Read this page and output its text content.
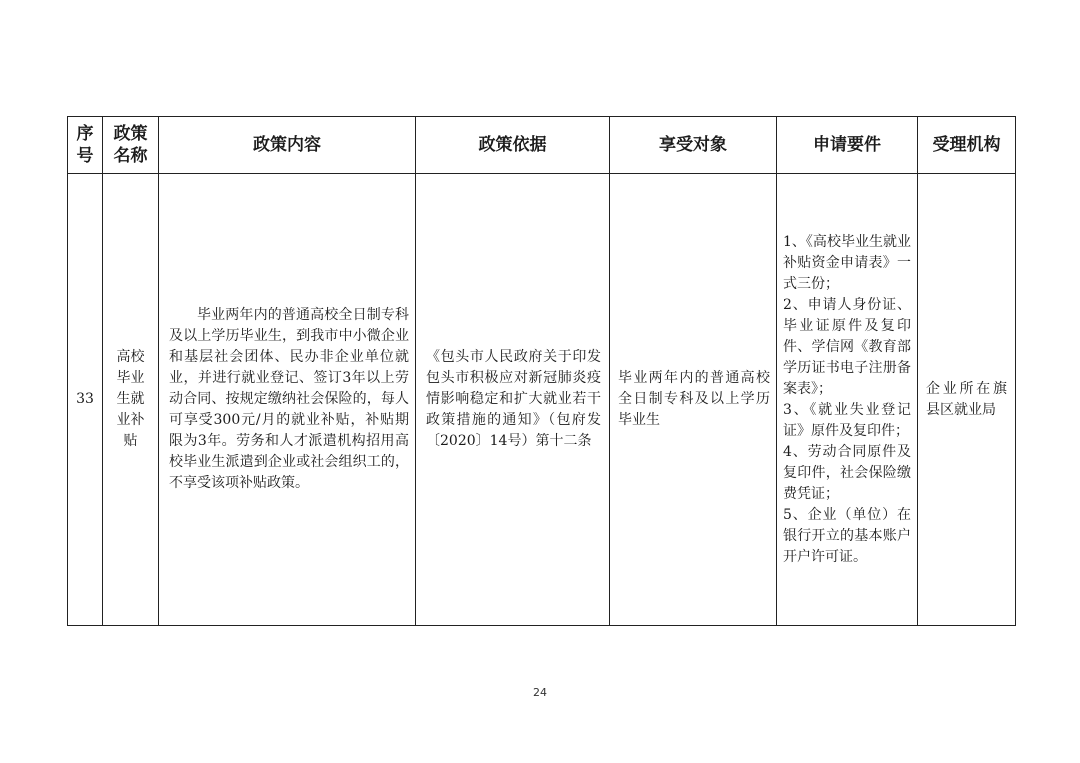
序号	政策名称	政策内容	政策依据	享受对象	申请要件	受理机构
33	高校毕业生就业补贴	毕业两年内的普通高校全日制专科及以上学历毕业生，到我市中小微企业和基层社会团体、民办非企业单位就业，并进行就业登记、签订3年以上劳动合同、按规定缴纳社会保险的，每人可享受300元/月的就业补贴，补贴期限为3年。劳务和人才派遣机构招用高校毕业生派遣到企业或社会组织工的，不享受该项补贴政策。	《包头市人民政府关于印发包头市积极应对新冠肺炎疫情影响稳定和扩大就业若干政策措施的通知》（包府发〔2020〕14号）第十二条	毕业两年内的普通高校全日制专科及以上学历毕业生	1、《高校毕业生就业补贴资金申请表》一式三份；
2、申请人身份证、毕业证原件及复印件、学信网《教育部学历证书电子注册备案表》；
3、《就业失业登记证》原件及复印件；
4、劳动合同原件及复印件，社会保险缴费凭证；
5、企业（单位）在银行开立的基本账户开户许可证。	企业所在旗县区就业局
24
